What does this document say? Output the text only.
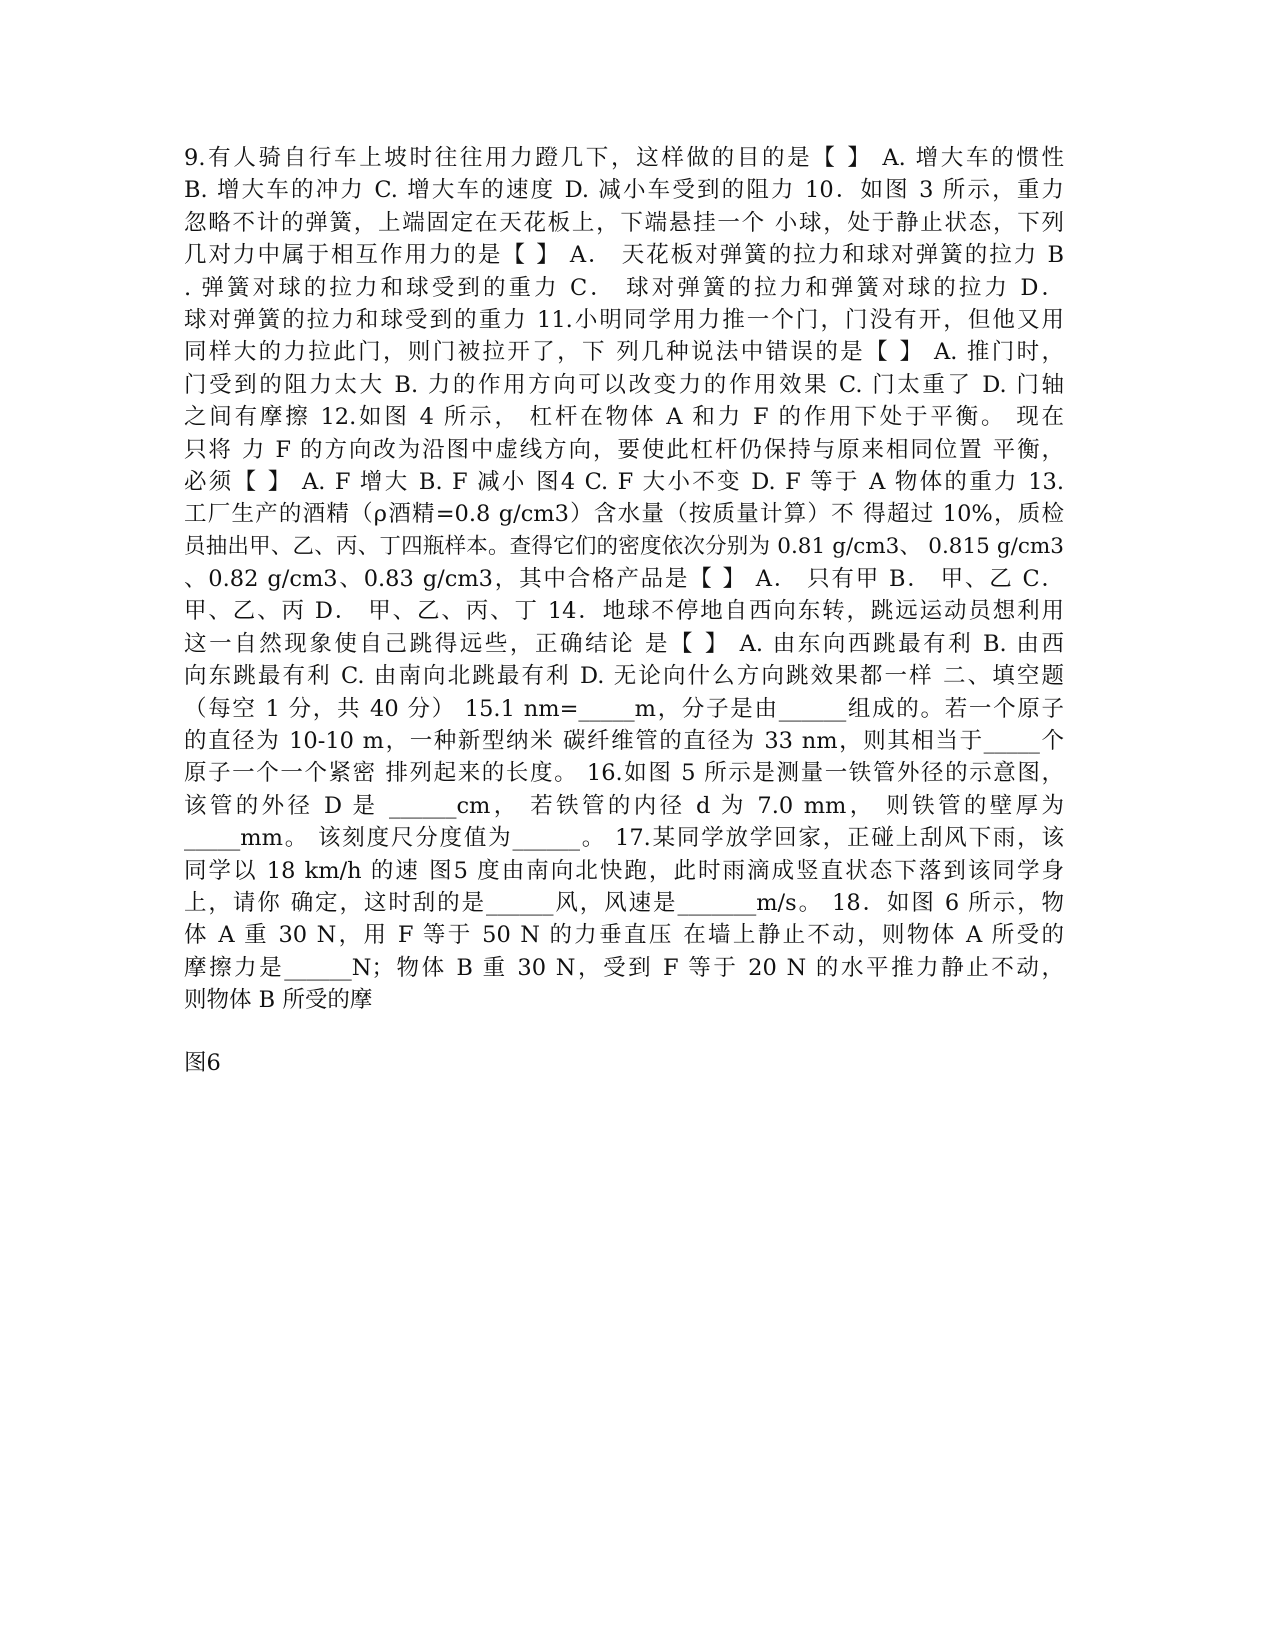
9.有人骑自行车上坡时往往用力蹬几下，这样做的目的是【 】 A. 增大车的惯性
B. 增大车的冲力 C. 增大车的速度 D. 减小车受到的阻力 10．如图 3 所示，重力
忽略不计的弹簧，上端固定在天花板上，下端悬挂一个 小球，处于静止状态，下列
几对力中属于相互作用力的是【 】 A． 天花板对弹簧的拉力和球对弹簧的拉力 B
. 弹簧对球的拉力和球受到的重力 C． 球对弹簧的拉力和弹簧对球的拉力 D．
球对弹簧的拉力和球受到的重力 11.小明同学用力推一个门，门没有开，但他又用
同样大的力拉此门，则门被拉开了，下 列几种说法中错误的是【 】 A. 推门时，
门受到的阻力太大 B. 力的作用方向可以改变力的作用效果 C. 门太重了 D. 门轴
之间有摩擦 12.如图 4 所示， 杠杆在物体 A 和力 F 的作用下处于平衡。 现在
只将 力 F 的方向改为沿图中虚线方向，要使此杠杆仍保持与原来相同位置 平衡，
必须【 】 A. F 增大 B. F 减小 图4 C. F 大小不变 D. F 等于 A 物体的重力 13.
工厂生产的酒精（ρ酒精=0.8 g/cm3）含水量（按质量计算）不 得超过 10%，质检
员抽出甲、乙、丙、丁四瓶样本。查得它们的密度依次分别为 0.81 g/cm3、 0.815 g/cm3
、0.82 g/cm3、0.83 g/cm3，其中合格产品是【 】 A． 只有甲 B． 甲、乙 C．
甲、乙、丙 D． 甲、乙、丙、丁 14．地球不停地自西向东转，跳远运动员想利用
这一自然现象使自己跳得远些，正确结论 是【 】 A. 由东向西跳最有利 B. 由西
向东跳最有利 C. 由南向北跳最有利 D. 无论向什么方向跳效果都一样 二、填空题
（每空 1 分，共 40 分） 15.1 nm=_____m，分子是由______组成的。若一个原子
的直径为 10-10 m，一种新型纳米 碳纤维管的直径为 33 nm，则其相当于_____个
原子一个一个紧密 排列起来的长度。 16.如图 5 所示是测量一铁管外径的示意图，
该管的外径 D 是 ______cm， 若铁管的内径 d 为 7.0 mm， 则铁管的壁厚为
_____mm。 该刻度尺分度值为______。 17.某同学放学回家，正碰上刮风下雨，该
同学以 18 km/h 的速 图5 度由南向北快跑，此时雨滴成竖直状态下落到该同学身
上，请你 确定，这时刮的是______风，风速是_______m/s。 18．如图 6 所示，物
体 A 重 30 N，用 F 等于 50 N 的力垂直压 在墙上静止不动，则物体 A 所受的
摩擦力是______N；物体 B 重 30 N，受到 F 等于 20 N 的水平推力静止不动，
则物体 B 所受的摩
图6
